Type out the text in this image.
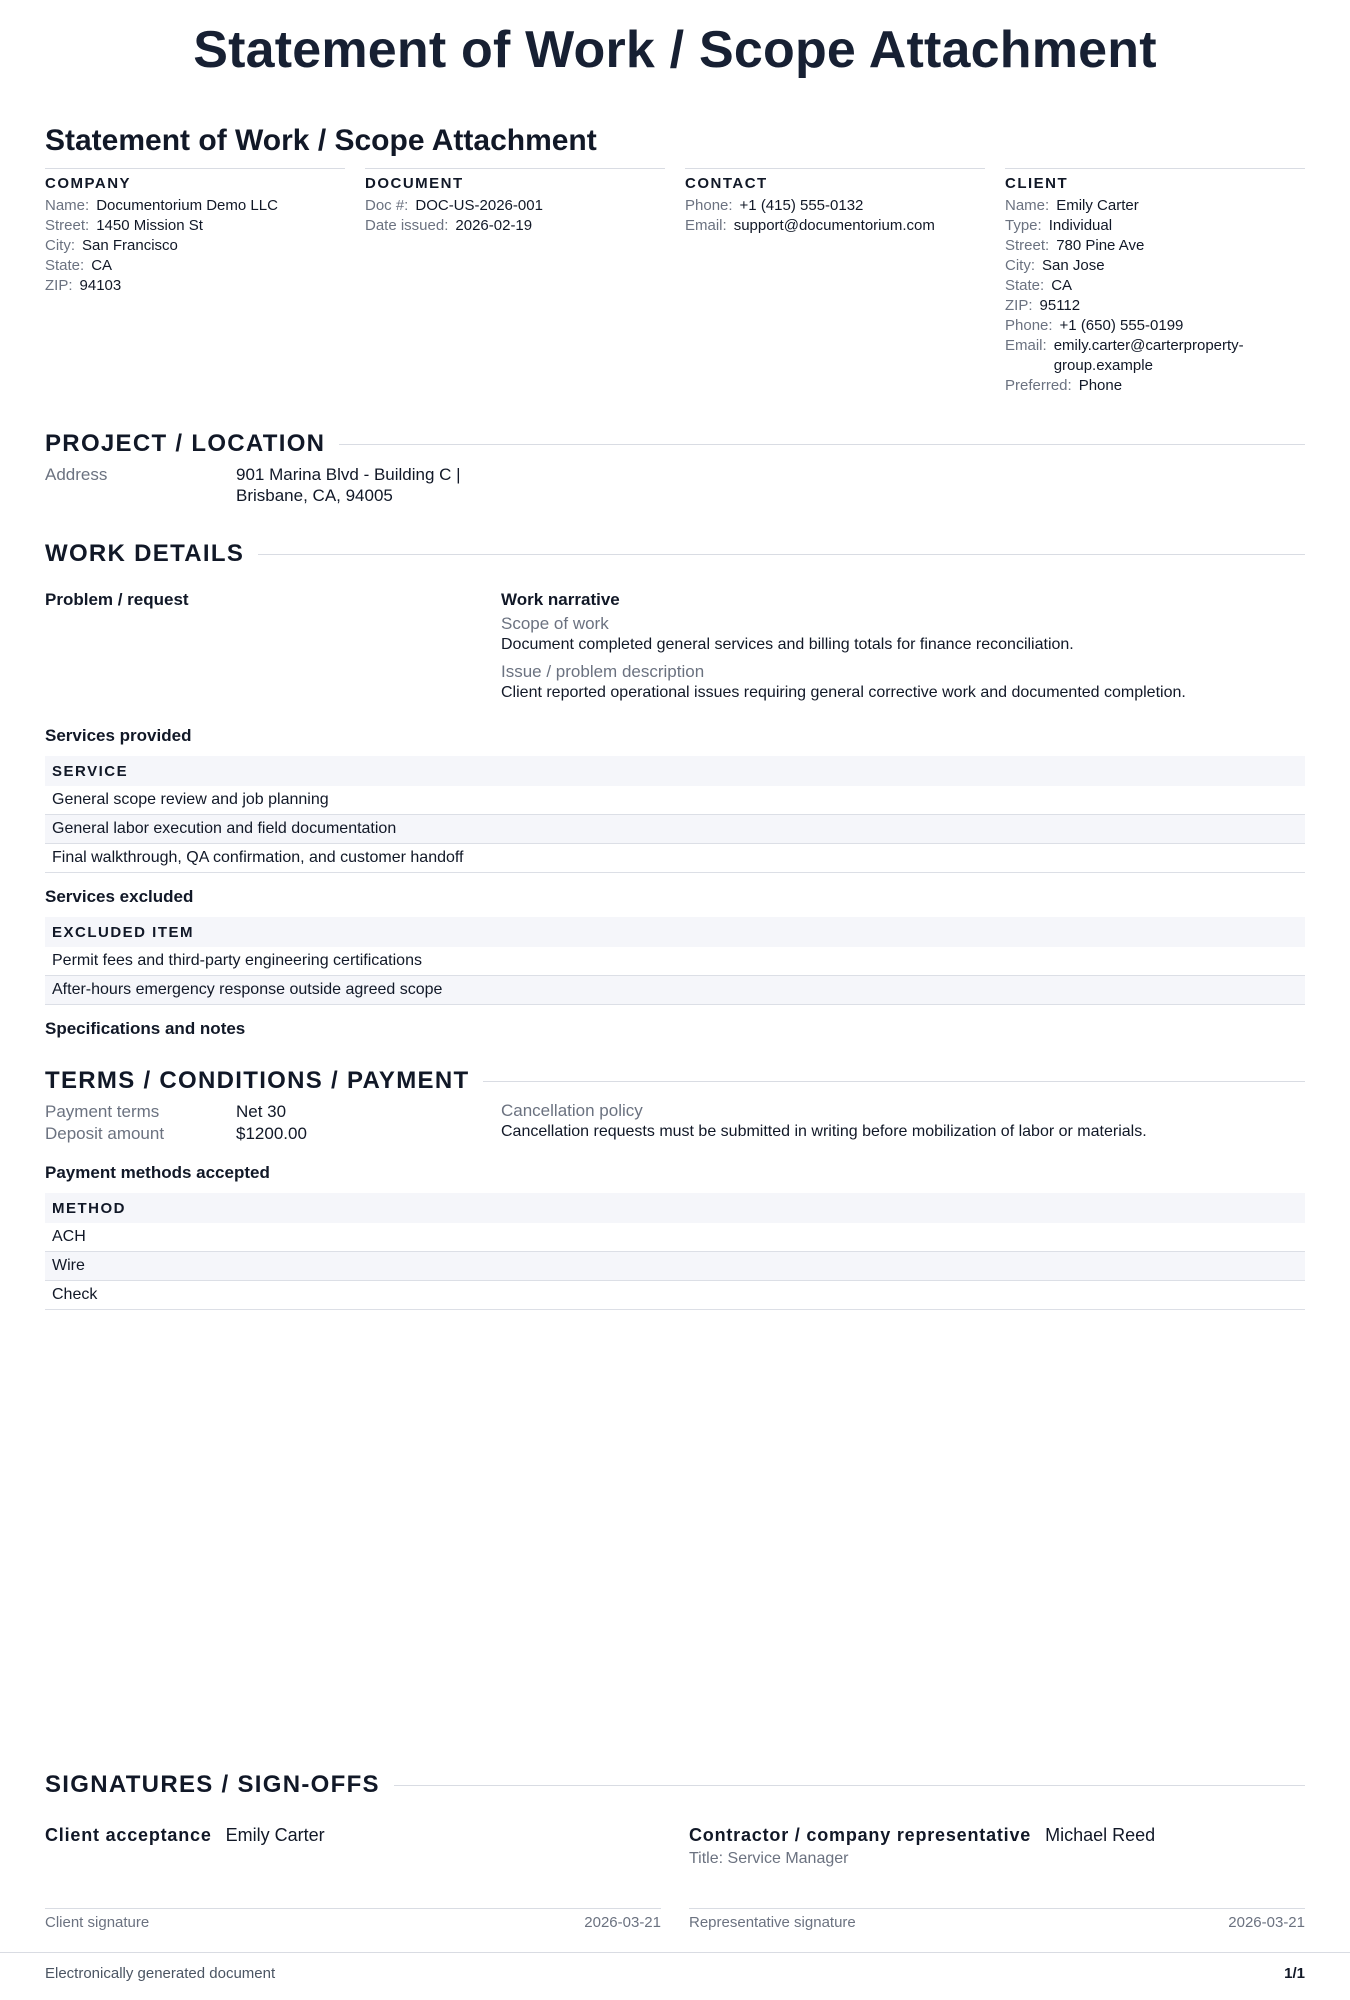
Statement of Work / Scope Attachment
Statement of Work / Scope Attachment
COMPANY
Name: Documentorium Demo LLC
Street: 1450 Mission St
City: San Francisco
State: CA
ZIP: 94103
DOCUMENT
Doc #: DOC-US-2026-001
Date issued: 2026-02-19
CONTACT
Phone: +1 (415) 555-0132
Email: support@documentorium.com
CLIENT
Name: Emily Carter
Type: Individual
Street: 780 Pine Ave
City: San Jose
State: CA
ZIP: 95112
Phone: +1 (650) 555-0199
Email: emily.carter@carterproperty-group.example
Preferred: Phone
PROJECT / LOCATION
Address	901 Marina Blvd - Building C | Brisbane, CA, 94005
WORK DETAILS
Problem / request	Work narrative
Scope of work
Document completed general services and billing totals for finance reconciliation.
Issue / problem description
Client reported operational issues requiring general corrective work and documented completion.
Services provided
SERVICE
General scope review and job planning
General labor execution and field documentation
Final walkthrough, QA confirmation, and customer handoff
Services excluded
EXCLUDED ITEM
Permit fees and third-party engineering certifications
After-hours emergency response outside agreed scope
Specifications and notes
TERMS / CONDITIONS / PAYMENT
Payment terms	Net 30
Deposit amount	$1200.00
Cancellation policy
Cancellation requests must be submitted in writing before mobilization of labor or materials.
Payment methods accepted
METHOD
ACH
Wire
Check
SIGNATURES / SIGN-OFFS
Client acceptance Emily Carter
Client signature	2026-03-21
Contractor / company representative Michael Reed
Title: Service Manager
Representative signature	2026-03-21
Electronically generated document	1/1
